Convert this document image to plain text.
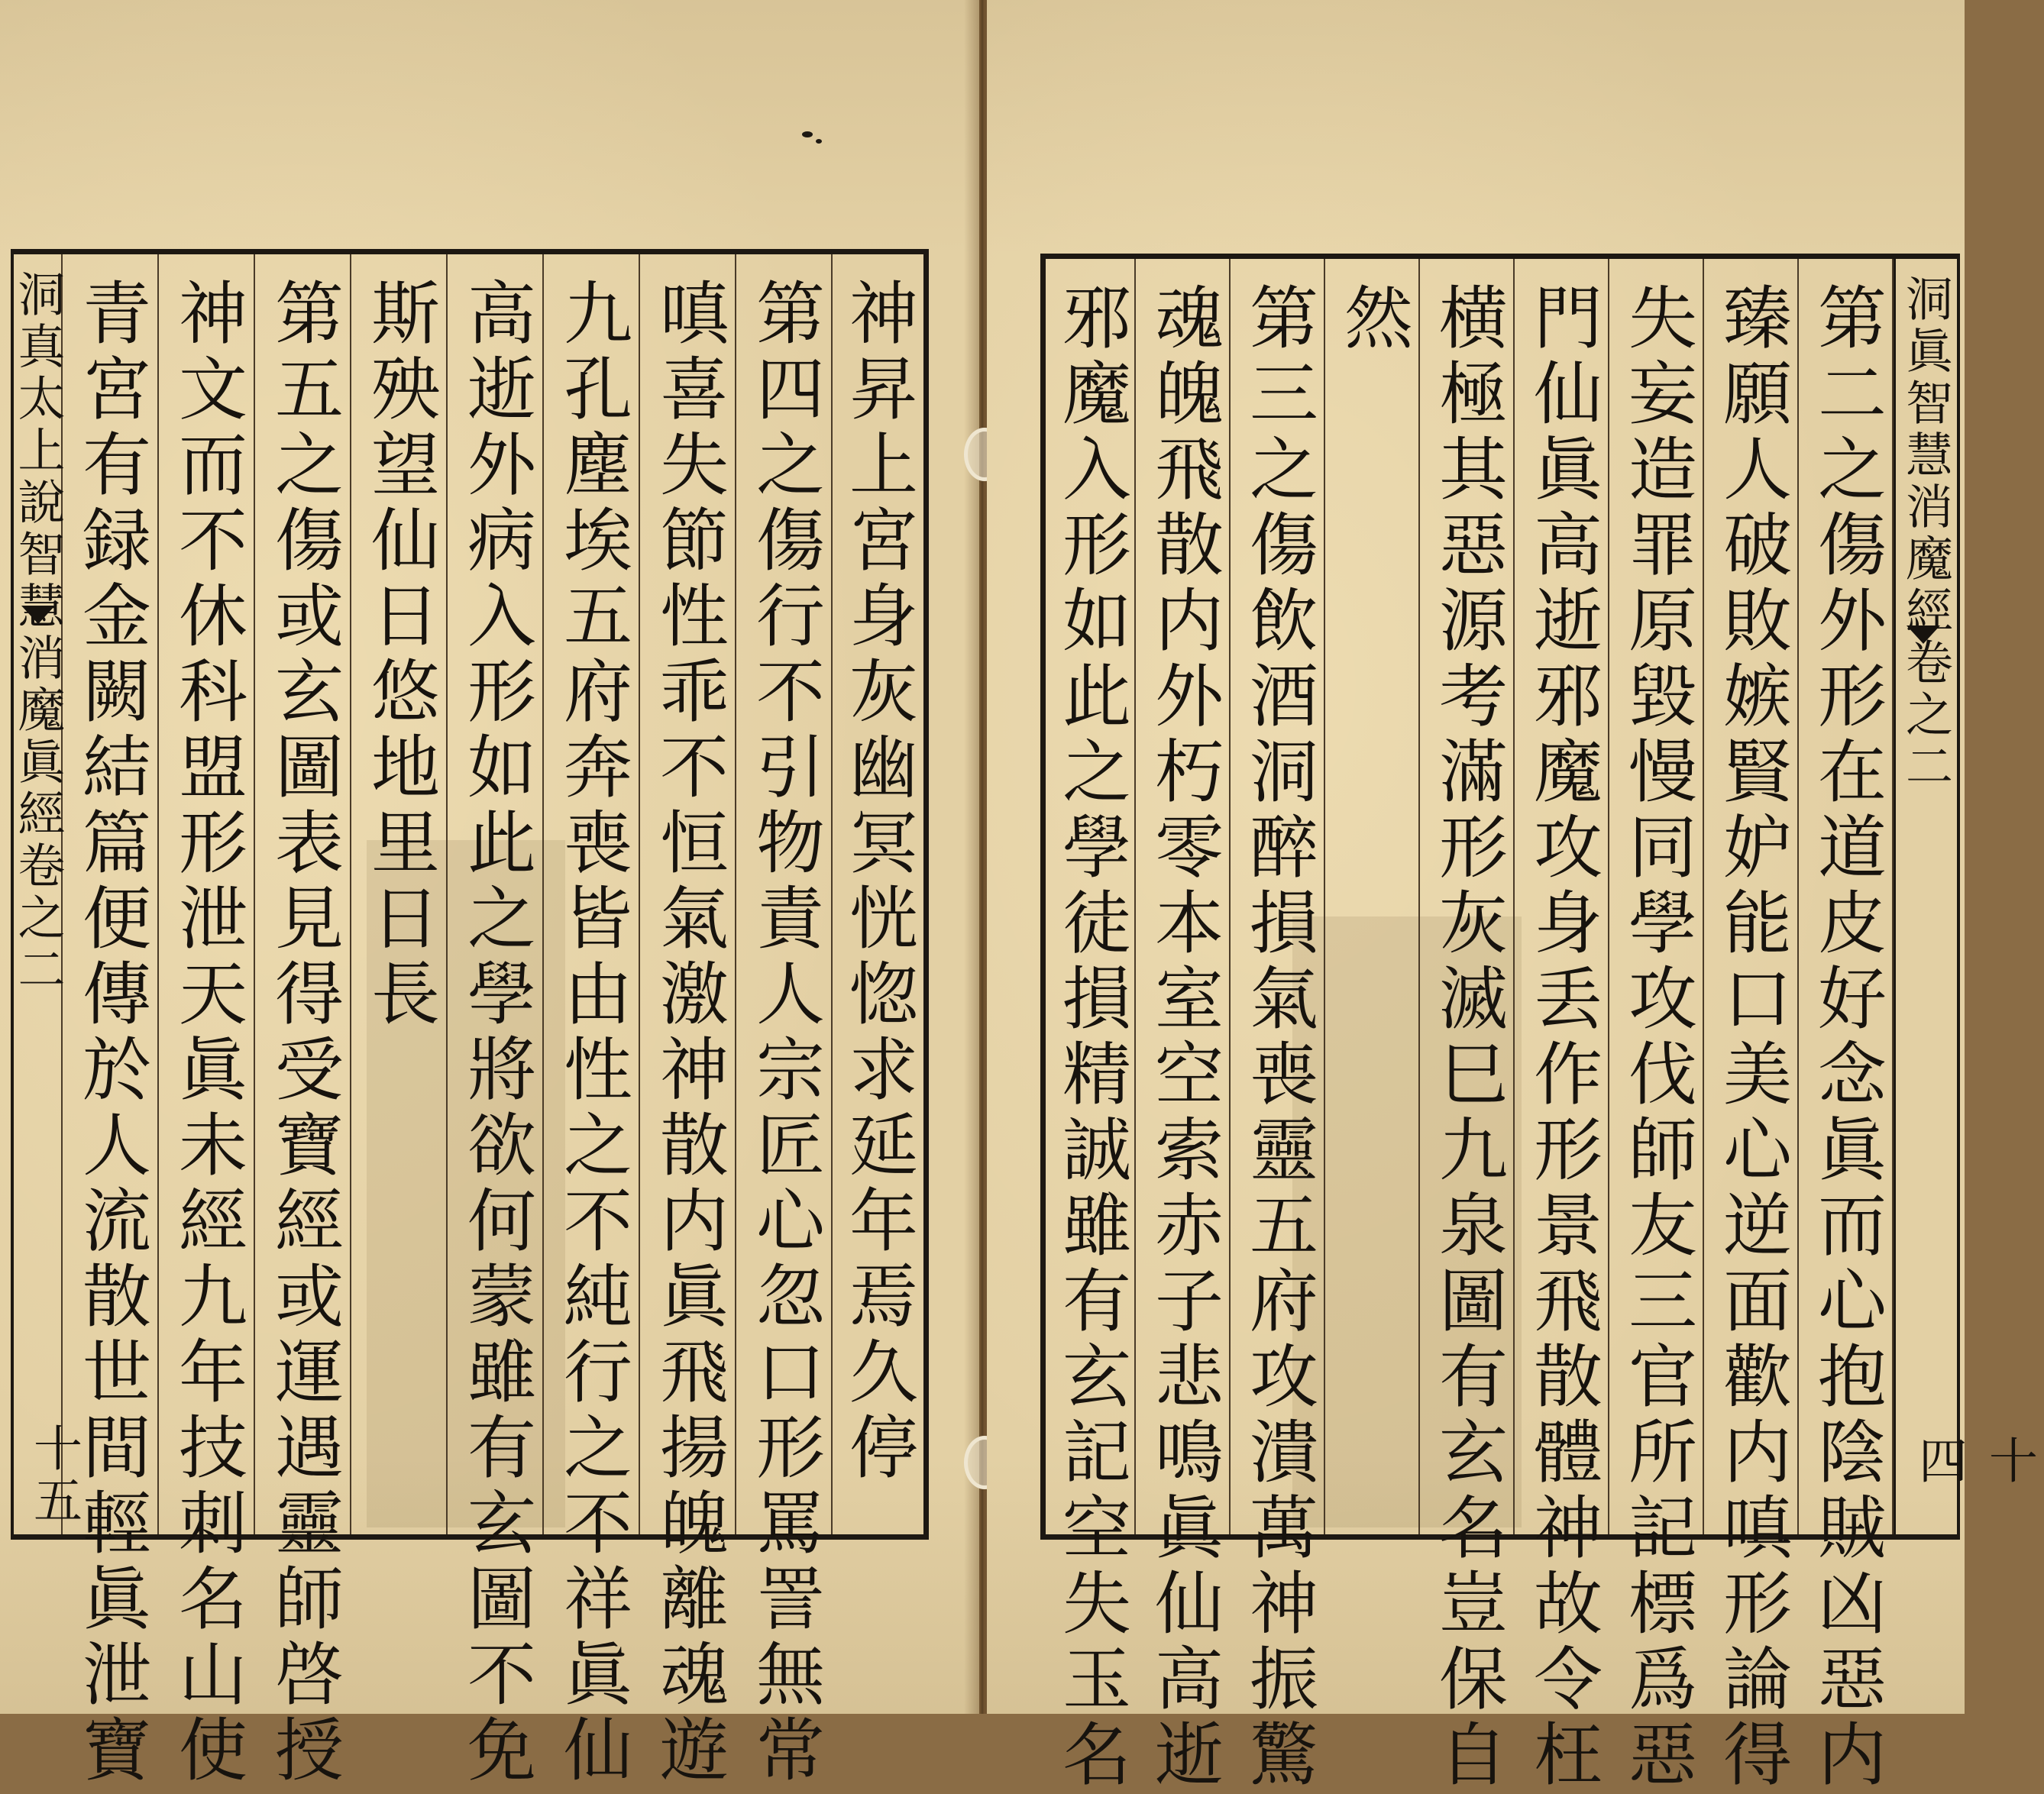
洞真太上說智慧消魔眞經卷之二
十五
青宮有録金闕結篇便傳於人流散世間輕眞泄寶 神文而不休科盟形泄天眞未經九年技刺名山使 第五之傷或玄圖表見得受寶經或運遇靈師啓授 斯殃望仙日悠地里日長 高逝外病入形如此之學將欲何蒙雖有玄圖不免 九孔塵埃五府奔喪皆由性之不純行之不祥眞仙 嗔喜失節性乖不恒氣激神散内眞飛揚魄離魂遊 第四之傷行不引物責人宗匠心忽口形罵詈無常 神昇上宮身灰幽冥恍惚求延年焉久停 邪魔入形如此之學徒損精誠雖有玄記空失玉名 魂魄飛散内外朽零本室空索赤子悲鳴眞仙高逝 第三之傷飲酒洞醉損氣喪靈五府攻潰萬神振驚 然 横極其惡源考滿形灰滅巳九泉圖有玄名豈保自 門仙眞高逝邪魔攻身丢作形景飛散體神故令枉 失妄造罪原毀慢同學攻伐師友三官所記標爲惡 臻願人破敗嫉賢妒能口美心逆面歡内嗔形論得 第二之傷外形在道皮好念眞而心抱陰賊凶惡内 洞眞智慧消魔經卷之二
十四
